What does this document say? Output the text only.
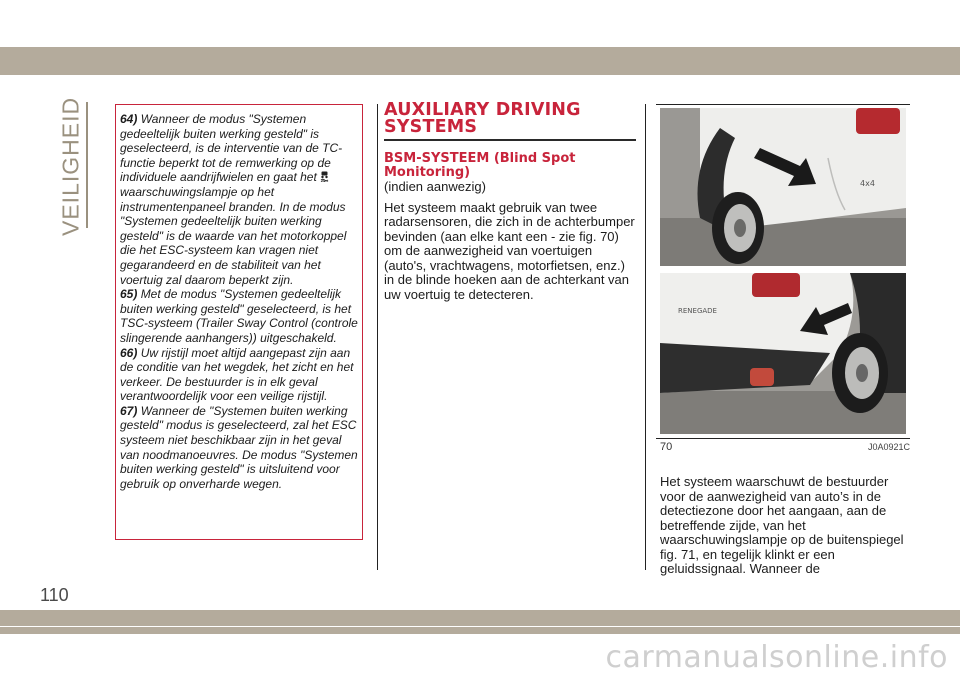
VEILIGHEID	64) Wanneer de modus "Systemen gedeeltelijk buiten werking gesteld" is geselecteerd, is de interventie van de TC-functie beperkt tot de remwerking op de individuele aandrijfwielen en gaat het  waarschuwingslampje op het instrumentenpaneel branden. In de modus "Systemen gedeeltelijk buiten werking gesteld" is de waarde van het motorkoppel die het ESC-systeem kan vragen niet gegarandeerd en de stabiliteit van het voertuig zal daarom beperkt zijn.

65) Met de modus "Systemen gedeeltelijk buiten werking gesteld" geselecteerd, is het TSC-systeem (Trailer Sway Control (controle slingerende aanhangers)) uitgeschakeld.

66) Uw rijstijl moet altijd aangepast zijn aan de conditie van het wegdek, het zicht en het verkeer. De bestuurder is in elk geval verantwoordelijk voor een veilige rijstijl.

67) Wanneer de "Systemen buiten werking gesteld" modus is geselecteerd, zal het ESC systeem niet beschikbaar zijn in het geval van noodmanoeuvres. De modus "Systemen buiten werking gesteld" is uitsluitend voor gebruik op onverharde wegen.

AUXILIARY DRIVING
SYSTEMS
BSM-SYSTEEM (Blind Spot
Monitoring)

(indien aanwezig)

Het systeem maakt gebruik van twee radarsensoren, die zich in de achterbumper bevinden (aan elke kant een - zie fig. 70) om de aanwezigheid van voertuigen (auto's, vrachtwagens, motorfietsen, enz.) in de blinde hoeken aan de achterkant van uw voertuig te detecteren.

4x4
RENEGADE
70	J0A0921C

Het systeem waarschuwt de bestuurder voor de aanwezigheid van auto’s in de detectiezone door het aangaan, aan de betreffende zijde, van het waarschuwingslampje op de buitenspiegel fig. 71, en tegelijk klinkt er een geluidssignaal. Wanneer de

110
carmanualsonline.info
